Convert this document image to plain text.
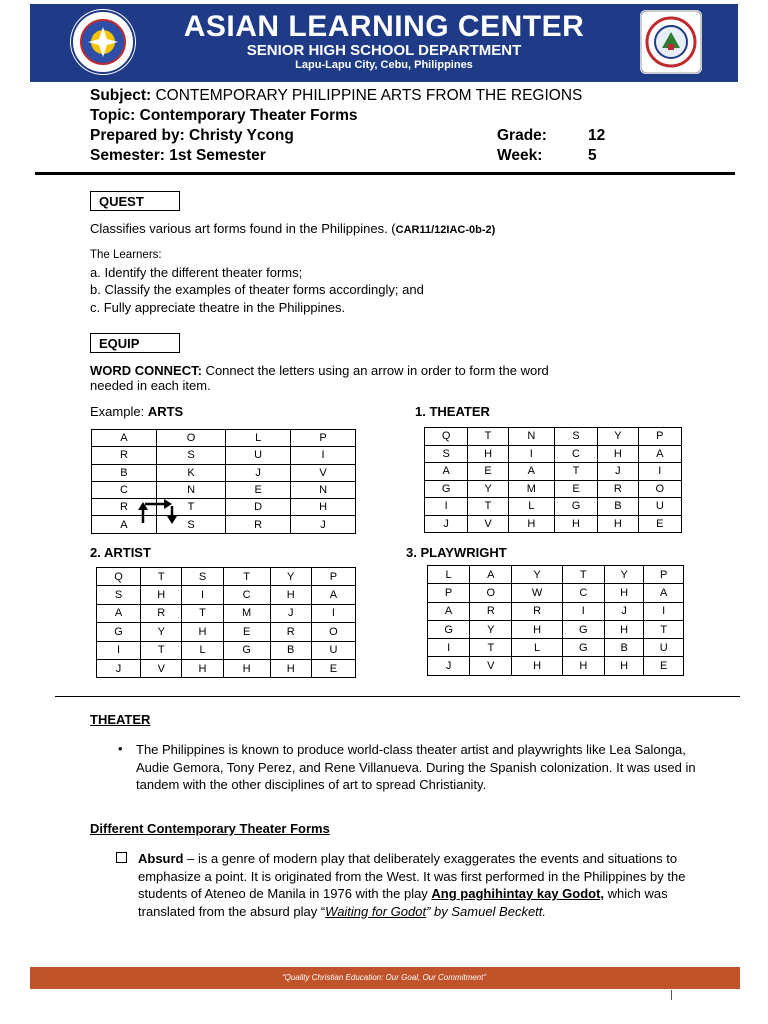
ASIAN LEARNING CENTER
SENIOR HIGH SCHOOL DEPARTMENT
Lapu-Lapu City, Cebu, Philippines
Subject: CONTEMPORARY PHILIPPINE ARTS FROM THE REGIONS
Topic: Contemporary Theater Forms
Prepared by: Christy Ycong
Semester: 1st Semester
Grade:	12
Week:	5
QUEST
Classifies various art forms found in the Philippines. (CAR11/12IAC-0b-2)
The Learners:
a. Identify the different theater forms;
b. Classify the examples of theater forms accordingly; and
c. Fully appreciate theatre in the Philippines.
EQUIP
WORD CONNECT: Connect the letters using an arrow in order to form the word
needed in each item.
Example: ARTS	1. THEATER
2. ARTIST	3. PLAYWRIGHT
A	O	L	P
R	S	U	I
B	K	J	V
C	N	E	N
R	T	D	H
A	S	R	J
Q	T	N	S	Y	P
S	H	I	C	H	A
A	E	A	T	J	I
G	Y	M	E	R	O
I	T	L	G	B	U
J	V	H	H	H	E
Q	T	S	T	Y	P
S	H	I	C	H	A
A	R	T	M	J	I
G	Y	H	E	R	O
I	T	L	G	B	U
J	V	H	H	H	E
L	A	Y	T	Y	P
P	O	W	C	H	A
A	R	R	I	J	I
G	Y	H	G	H	T
I	T	L	G	B	U
J	V	H	H	H	E
THEATER
• The Philippines is known to produce world-class theater artist and playwrights like Lea Salonga, Audie Gemora, Tony Perez, and Rene Villanueva. During the Spanish colonization. It was used in tandem with the other disciplines of art to spread Christianity.
Different Contemporary Theater Forms
Absurd – is a genre of modern play that deliberately exaggerates the events and situations to emphasize a point. It is originated from the West. It was first performed in the Philippines by the students of Ateneo de Manila in 1976 with the play Ang paghihintay kay Godot, which was translated from the absurd play “Waiting for Godot” by Samuel Beckett.
“Quality Christian Education: Our Goal, Our Commitment”
